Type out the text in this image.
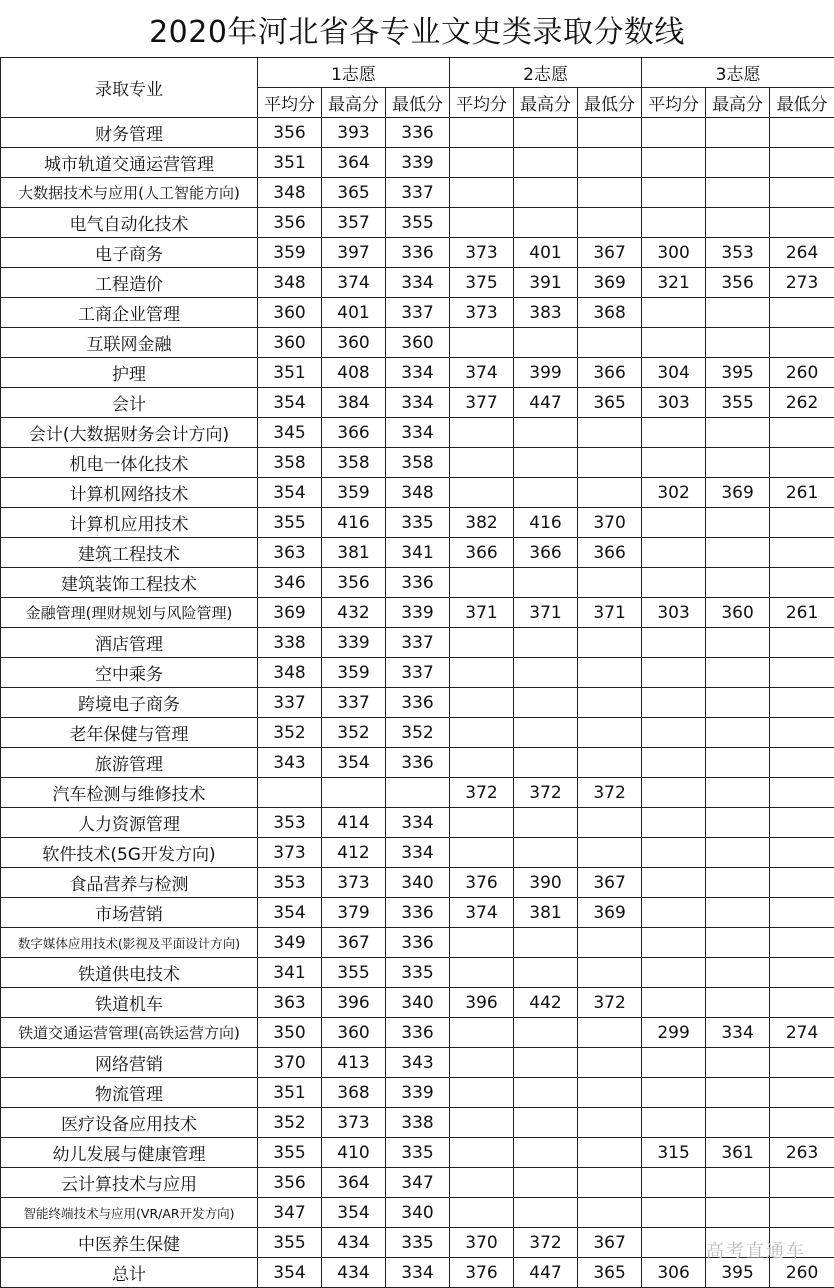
2020年河北省各专业文史类录取分数线
录取专业	1志愿			2志愿			3志愿		
	平均分	最高分	最低分	平均分	最高分	最低分	平均分	最高分	最低分
财务管理	356	393	336						
城市轨道交通运营管理	351	364	339						
大数据技术与应用(人工智能方向)	348	365	337						
电气自动化技术	356	357	355						
电子商务	359	397	336	373	401	367	300	353	264
工程造价	348	374	334	375	391	369	321	356	273
工商企业管理	360	401	337	373	383	368			
互联网金融	360	360	360						
护理	351	408	334	374	399	366	304	395	260
会计	354	384	334	377	447	365	303	355	262
会计(大数据财务会计方向)	345	366	334						
机电一体化技术	358	358	358						
计算机网络技术	354	359	348				302	369	261
计算机应用技术	355	416	335	382	416	370			
建筑工程技术	363	381	341	366	366	366			
建筑装饰工程技术	346	356	336						
金融管理(理财规划与风险管理)	369	432	339	371	371	371	303	360	261
酒店管理	338	339	337						
空中乘务	348	359	337						
跨境电子商务	337	337	336						
老年保健与管理	352	352	352						
旅游管理	343	354	336						
汽车检测与维修技术				372	372	372			
人力资源管理	353	414	334						
软件技术(5G开发方向)	373	412	334						
食品营养与检测	353	373	340	376	390	367			
市场营销	354	379	336	374	381	369			
数字媒体应用技术(影视及平面设计方向)	349	367	336						
铁道供电技术	341	355	335						
铁道机车	363	396	340	396	442	372			
铁道交通运营管理(高铁运营方向)	350	360	336				299	334	274
网络营销	370	413	343						
物流管理	351	368	339						
医疗设备应用技术	352	373	338						
幼儿发展与健康管理	355	410	335				315	361	263
云计算技术与应用	356	364	347						
智能终端技术与应用(VR/AR开发方向)	347	354	340						
中医养生保健	355	434	335	370	372	367			
总计	354	434	334	376	447	365	306	395	260
高考直通车
